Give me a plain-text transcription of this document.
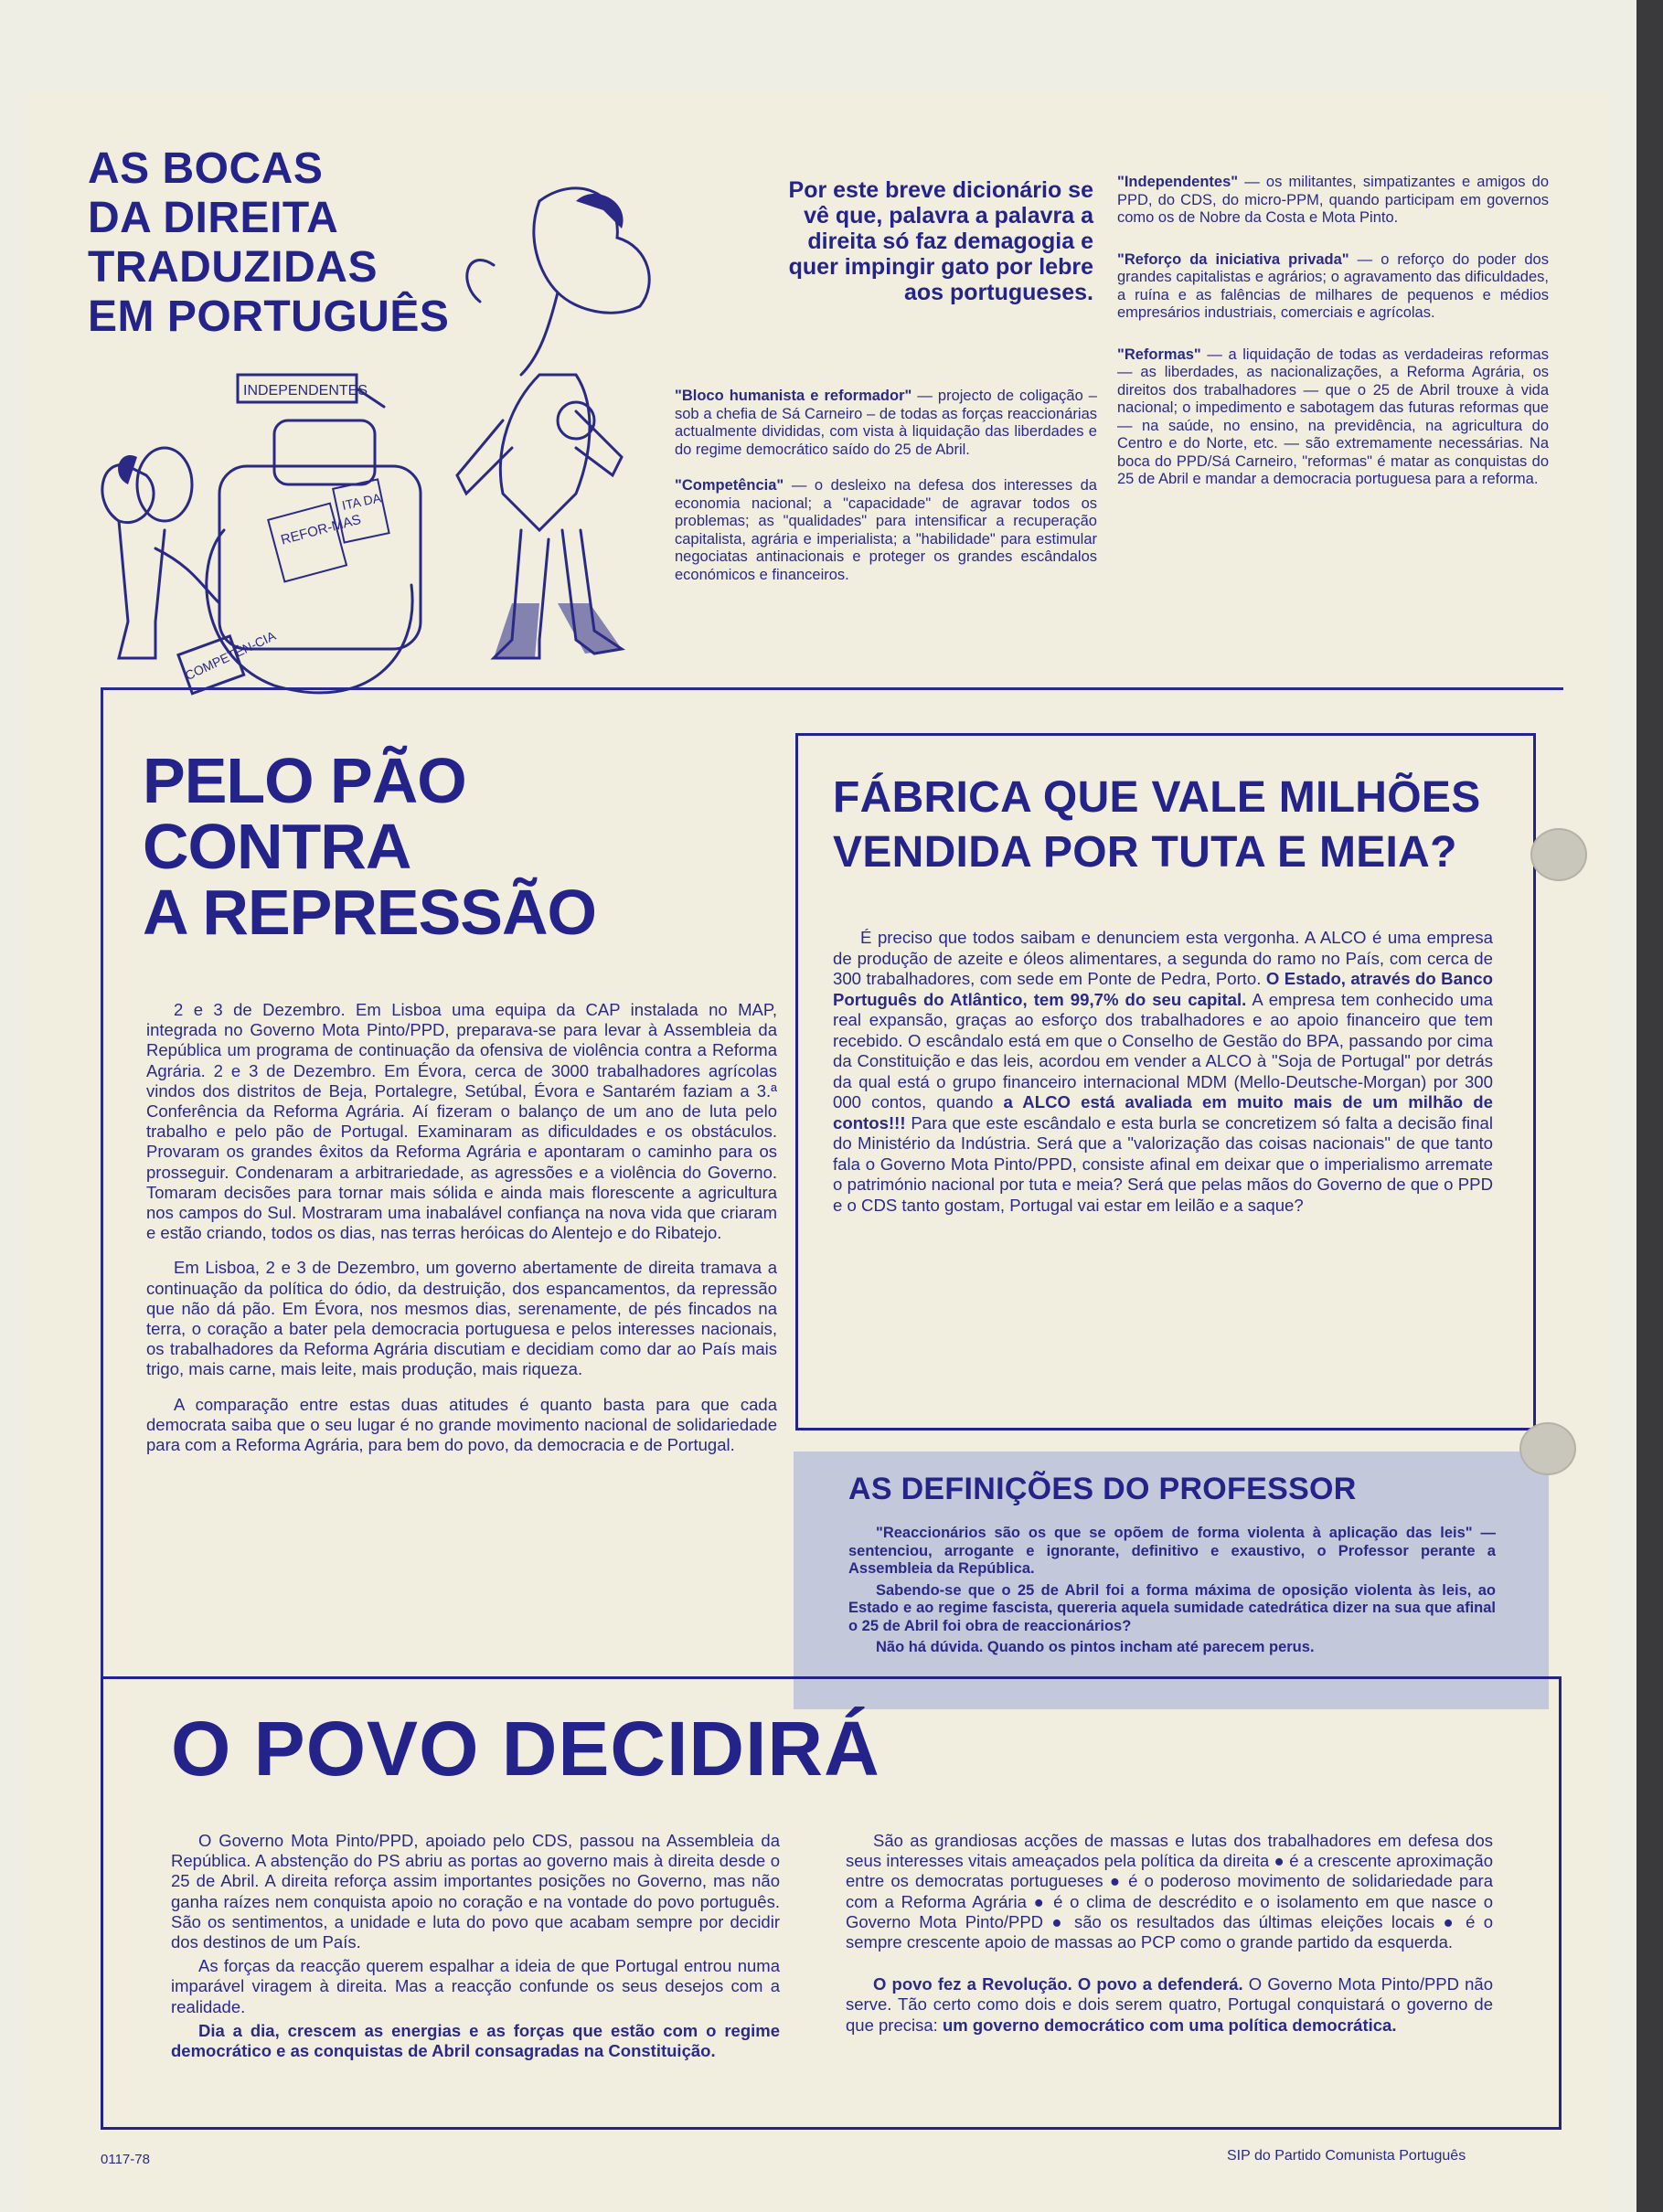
AS BOCAS
DA DIREITA
TRADUZIDAS
EM PORTUGUÊS
INDEPENDENTES
REFOR-MAS
ITA DA
COMPETÊN-CIA
Por este breve dicionário se vê que, palavra a palavra a direita só faz demagogia e quer impingir gato por lebre aos portugueses.

"Bloco humanista e reformador" — projecto de coligação – sob a chefia de Sá Carneiro – de todas as forças reaccionárias actualmente divididas, com vista à liquidação das liberdades e do regime democrático saído do 25 de Abril.

"Competência" — o desleixo na defesa dos interesses da economia nacional; a "capacidade" de agravar todos os problemas; as "qualidades" para intensificar a recuperação capitalista, agrária e imperialista; a "habilidade" para estimular negociatas antinacionais e proteger os grandes escândalos económicos e financeiros.

"Independentes" — os militantes, simpatizantes e amigos do PPD, do CDS, do micro-PPM, quando participam em governos como os de Nobre da Costa e Mota Pinto.

"Reforço da iniciativa privada" — o reforço do poder dos grandes capitalistas e agrários; o agravamento das dificuldades, a ruína e as falências de milhares de pequenos e médios empresários industriais, comerciais e agrícolas.

"Reformas" — a liquidação de todas as verdadeiras reformas — as liberdades, as nacionalizações, a Reforma Agrária, os direitos dos trabalhadores — que o 25 de Abril trouxe à vida nacional; o impedimento e sabotagem das futuras reformas que — na saúde, no ensino, na previdência, na agricultura do Centro e do Norte, etc. — são extremamente necessárias. Na boca do PPD/Sá Carneiro, "reformas" é matar as conquistas do 25 de Abril e mandar a democracia portuguesa para a reforma.

PELO PÃO
CONTRA
A REPRESSÃO

2 e 3 de Dezembro. Em Lisboa uma equipa da CAP instalada no MAP, integrada no Governo Mota Pinto/PPD, preparava-se para levar à Assembleia da República um programa de continuação da ofensiva de violência contra a Reforma Agrária. 2 e 3 de Dezembro. Em Évora, cerca de 3000 trabalhadores agrícolas vindos dos distritos de Beja, Portalegre, Setúbal, Évora e Santarém faziam a 3.ª Conferência da Reforma Agrária. Aí fizeram o balanço de um ano de luta pelo trabalho e pelo pão de Portugal. Examinaram as dificuldades e os obstáculos. Provaram os grandes êxitos da Reforma Agrária e apontaram o caminho para os prosseguir. Condenaram a arbitrariedade, as agressões e a violência do Governo. Tomaram decisões para tornar mais sólida e ainda mais florescente a agricultura nos campos do Sul. Mostraram uma inabalável confiança na nova vida que criaram e estão criando, todos os dias, nas terras heróicas do Alentejo e do Ribatejo.

Em Lisboa, 2 e 3 de Dezembro, um governo abertamente de direita tramava a continuação da política do ódio, da destruição, dos espancamentos, da repressão que não dá pão. Em Évora, nos mesmos dias, serenamente, de pés fincados na terra, o coração a bater pela democracia portuguesa e pelos interesses nacionais, os trabalhadores da Reforma Agrária discutiam e decidiam como dar ao País mais trigo, mais carne, mais leite, mais produção, mais riqueza.

A comparação entre estas duas atitudes é quanto basta para que cada democrata saiba que o seu lugar é no grande movimento nacional de solidariedade para com a Reforma Agrária, para bem do povo, da democracia e de Portugal.

FÁBRICA QUE VALE MILHÕES
VENDIDA POR TUTA E MEIA?

É preciso que todos saibam e denunciem esta vergonha. A ALCO é uma empresa de produção de azeite e óleos alimentares, a segunda do ramo no País, com cerca de 300 trabalhadores, com sede em Ponte de Pedra, Porto. O Estado, através do Banco Português do Atlântico, tem 99,7% do seu capital. A empresa tem conhecido uma real expansão, graças ao esforço dos trabalhadores e ao apoio financeiro que tem recebido. O escândalo está em que o Conselho de Gestão do BPA, passando por cima da Constituição e das leis, acordou em vender a ALCO à "Soja de Portugal" por detrás da qual está o grupo financeiro internacional MDM (Mello-Deutsche-Morgan) por 300 000 contos, quando a ALCO está avaliada em muito mais de um milhão de contos!!! Para que este escândalo e esta burla se concretizem só falta a decisão final do Ministério da Indústria. Será que a "valorização das coisas nacionais" de que tanto fala o Governo Mota Pinto/PPD, consiste afinal em deixar que o imperialismo arremate o património nacional por tuta e meia? Será que pelas mãos do Governo de que o PPD e o CDS tanto gostam, Portugal vai estar em leilão e a saque?

AS DEFINIÇÕES DO PROFESSOR

"Reaccionários são os que se opõem de forma violenta à aplicação das leis" — sentenciou, arrogante e ignorante, definitivo e exaustivo, o Professor perante a Assembleia da República.

Sabendo-se que o 25 de Abril foi a forma máxima de oposição violenta às leis, ao Estado e ao regime fascista, quereria aquela sumidade catedrática dizer na sua que afinal o 25 de Abril foi obra de reaccionários?

Não há dúvida. Quando os pintos incham até parecem perus.

O POVO DECIDIRÁ

O Governo Mota Pinto/PPD, apoiado pelo CDS, passou na Assembleia da República. A abstenção do PS abriu as portas ao governo mais à direita desde o 25 de Abril. A direita reforça assim importantes posições no Governo, mas não ganha raízes nem conquista apoio no coração e na vontade do povo português. São os sentimentos, a unidade e luta do povo que acabam sempre por decidir dos destinos de um País.

As forças da reacção querem espalhar a ideia de que Portugal entrou numa imparável viragem à direita. Mas a reacção confunde os seus desejos com a realidade.

Dia a dia, crescem as energias e as forças que estão com o regime democrático e as conquistas de Abril consagradas na Constituição.

São as grandiosas acções de massas e lutas dos trabalhadores em defesa dos seus interesses vitais ameaçados pela política da direita ● é a crescente aproximação entre os democratas portugueses ● é o poderoso movimento de solidariedade para com a Reforma Agrária ● é o clima de descrédito e o isolamento em que nasce o Governo Mota Pinto/PPD ● são os resultados das últimas eleições locais ● é o sempre crescente apoio de massas ao PCP como o grande partido da esquerda.

O povo fez a Revolução. O povo a defenderá. O Governo Mota Pinto/PPD não serve. Tão certo como dois e dois serem quatro, Portugal conquistará o governo de que precisa: um governo democrático com uma política democrática.

0117-78	SIP do Partido Comunista Português
